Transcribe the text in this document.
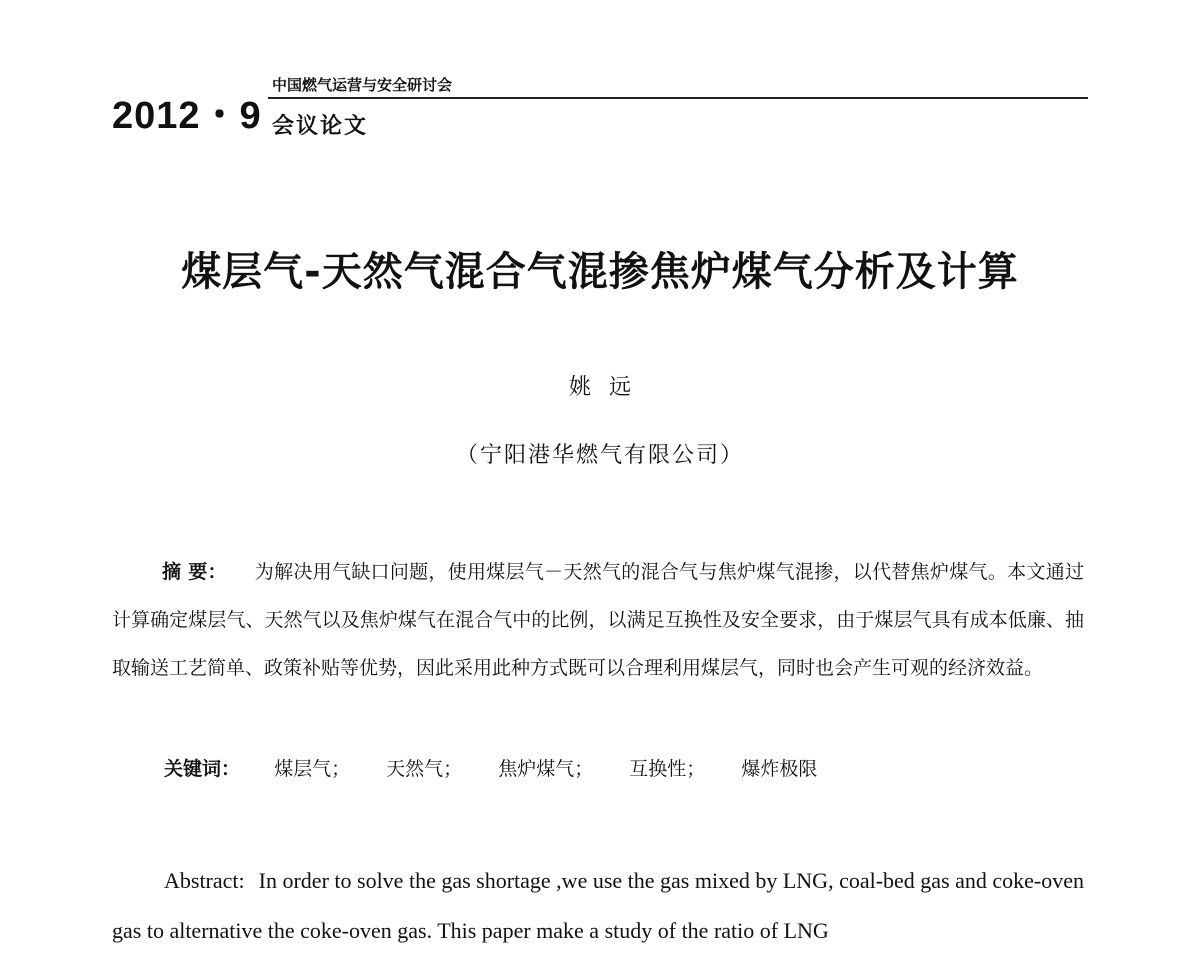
2012・9
中国燃气运营与安全研讨会
会议论文
煤层气-天然气混合气混掺焦炉煤气分析及计算
姚远
（宁阳港华燃气有限公司）
摘 要： 为解决用气缺口问题，使用煤层气－天然气的混合气与焦炉煤气混掺，以代替焦炉煤气。本文通过计算确定煤层气、天然气以及焦炉煤气在混合气中的比例，以满足互换性及安全要求，由于煤层气具有成本低廉、抽取输送工艺简单、政策补贴等优势，因此采用此种方式既可以合理利用煤层气，同时也会产生可观的经济效益。
关键词： 煤层气； 天然气； 焦炉煤气； 互换性； 爆炸极限
Abstract: In order to solve the gas shortage ,we use the gas mixed by LNG, coal-bed gas and coke-oven gas to alternative the coke-oven gas. This paper make a study of the ratio of LNG
